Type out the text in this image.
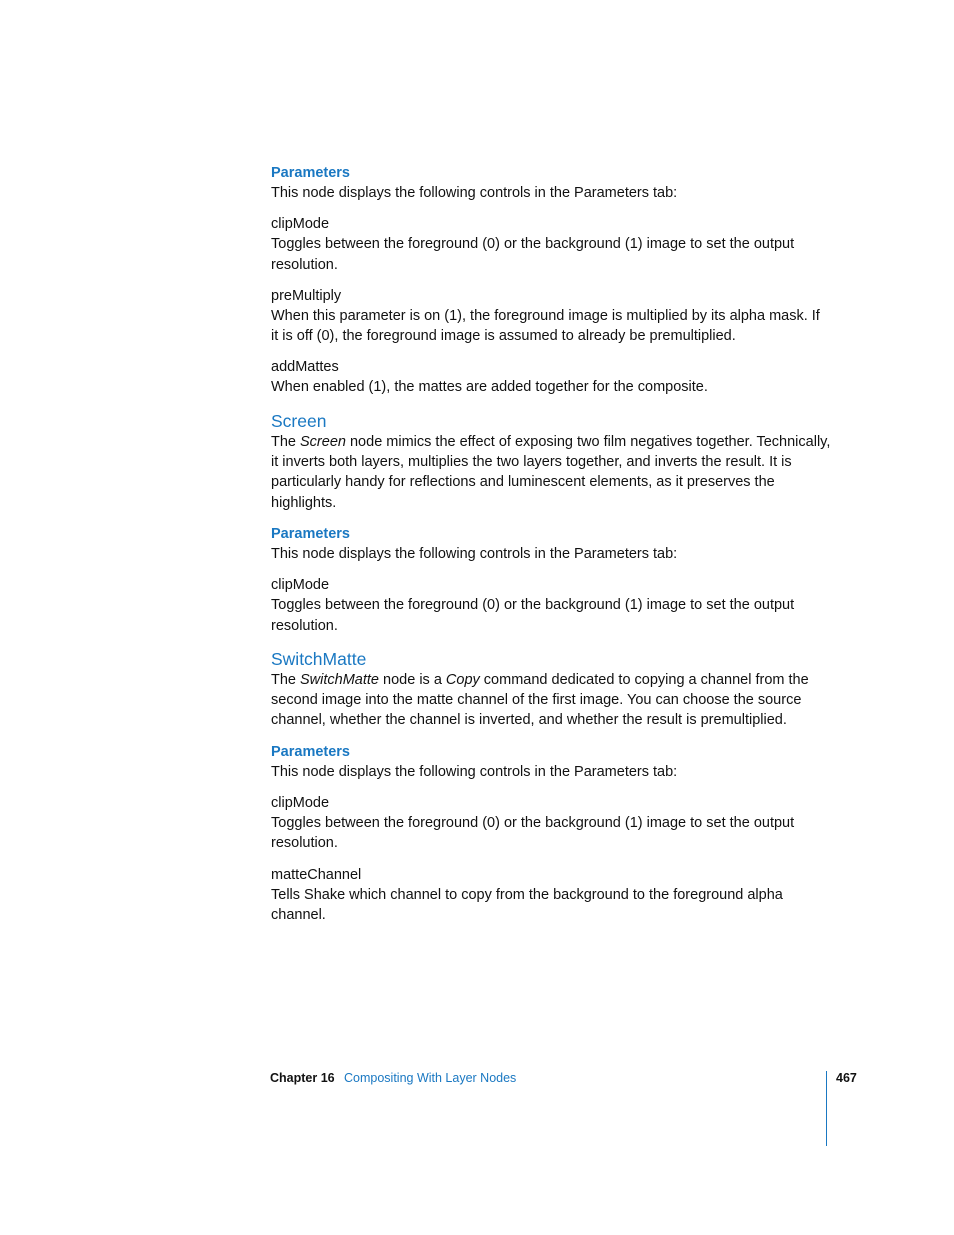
Parameters

This node displays the following controls in the Parameters tab:

clipMode

Toggles between the foreground (0) or the background (1) image to set the output resolution.

preMultiply

When this parameter is on (1), the foreground image is multiplied by its alpha mask. If it is off (0), the foreground image is assumed to already be premultiplied.

addMattes

When enabled (1), the mattes are added together for the composite.

Screen

The Screen node mimics the effect of exposing two film negatives together. Technically, it inverts both layers, multiplies the two layers together, and inverts the result. It is particularly handy for reflections and luminescent elements, as it preserves the highlights.

Parameters

This node displays the following controls in the Parameters tab:

clipMode

Toggles between the foreground (0) or the background (1) image to set the output resolution.

SwitchMatte

The SwitchMatte node is a Copy command dedicated to copying a channel from the second image into the matte channel of the first image. You can choose the source channel, whether the channel is inverted, and whether the result is premultiplied.

Parameters

This node displays the following controls in the Parameters tab:

clipMode

Toggles between the foreground (0) or the background (1) image to set the output resolution.

matteChannel

Tells Shake which channel to copy from the background to the foreground alpha channel.

Chapter 16 Compositing With Layer Nodes	467
